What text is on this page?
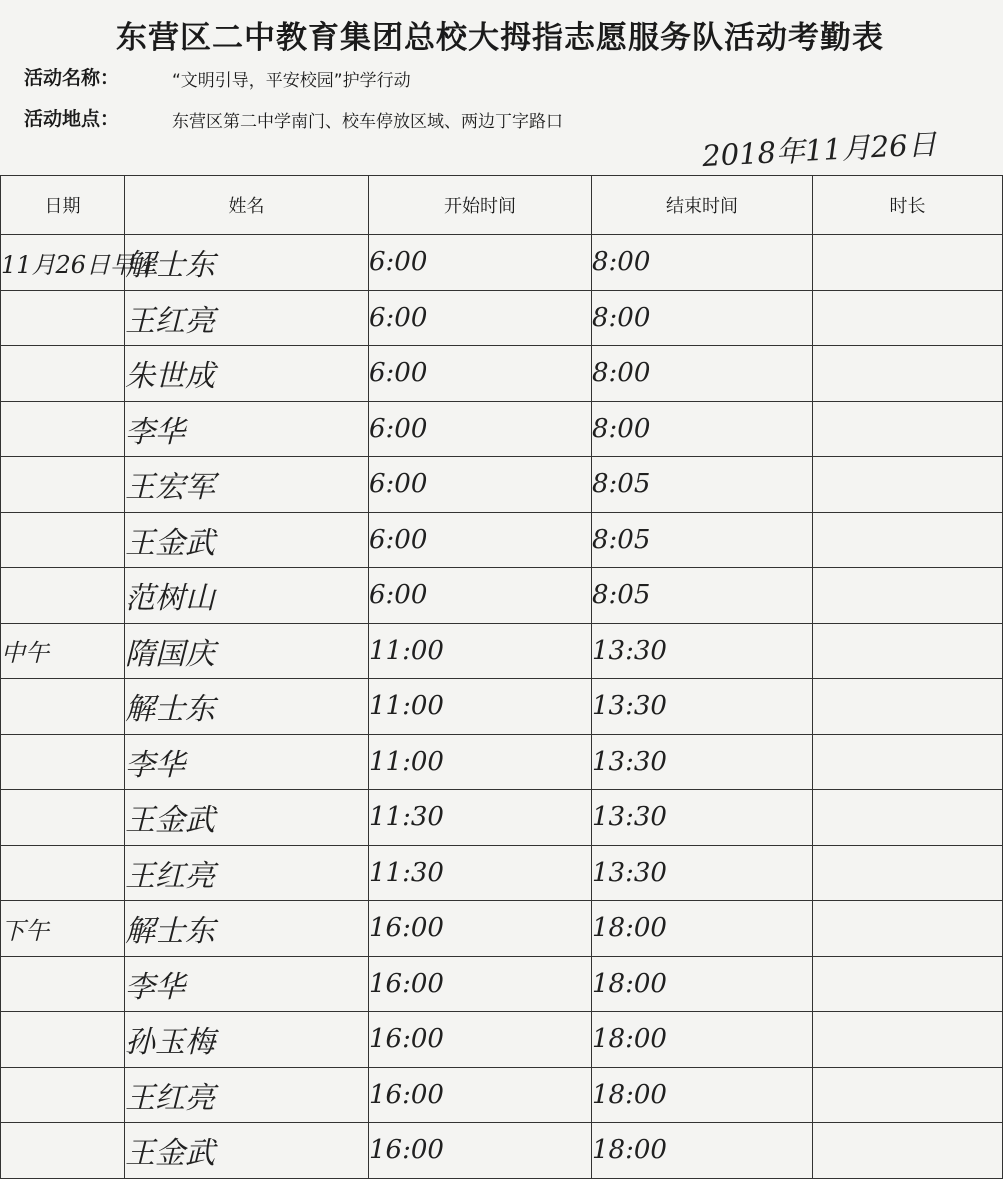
东营区二中教育集团总校大拇指志愿服务队活动考勤表
活动名称：	“文明引导，平安校园”护学行动
活动地点：	东营区第二中学南门、校车停放区域、两边丁字路口
2018年11月26日
日期	姓名	开始时间	结束时间	时长
11月26日早上	解士东	6:00	8:00	
	王红亮	6:00	8:00	
	朱世成	6:00	8:00	
	李华	6:00	8:00	
	王宏军	6:00	8:05	
	王金武	6:00	8:05	
	范树山	6:00	8:05	
中午	隋国庆	11:00	13:30	
	解士东	11:00	13:30	
	李华	11:00	13:30	
	王金武	11:30	13:30	
	王红亮	11:30	13:30	
下午	解士东	16:00	18:00	
	李华	16:00	18:00	
	孙玉梅	16:00	18:00	
	王红亮	16:00	18:00	
	王金武	16:00	18:00	
